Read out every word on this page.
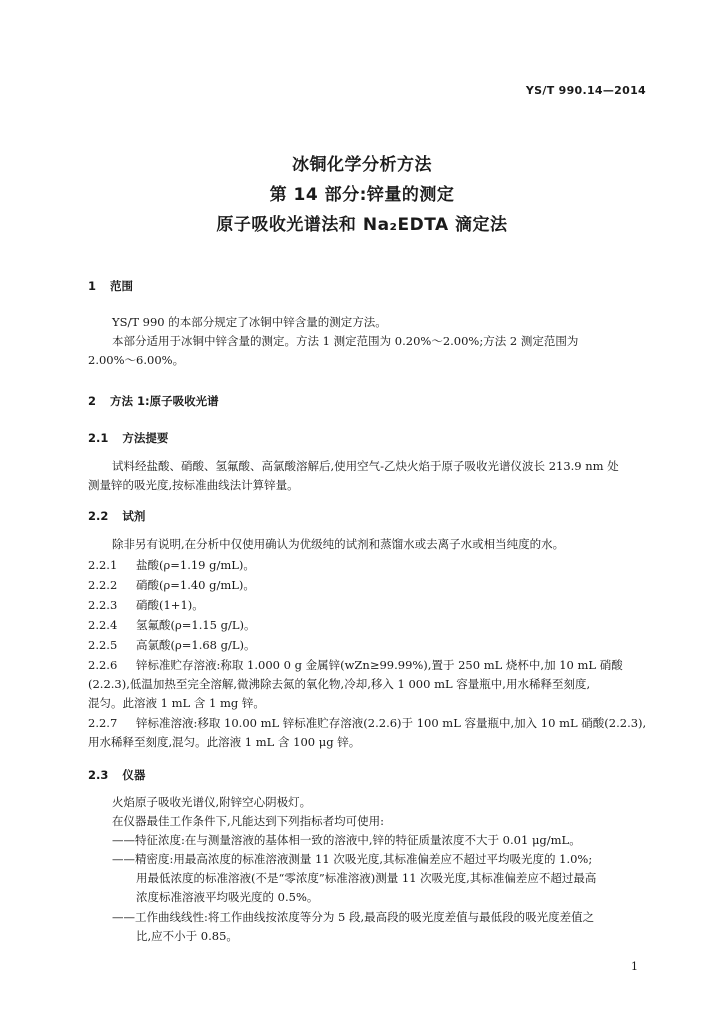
YS/T 990.14—2014
冰铜化学分析方法
第 14 部分:锌量的测定
原子吸收光谱法和 Na₂EDTA 滴定法
1 范围
YS/T 990 的本部分规定了冰铜中锌含量的测定方法。
本部分适用于冰铜中锌含量的测定。方法 1 测定范围为 0.20%～2.00%;方法 2 测定范围为
2.00%～6.00%。
2 方法 1:原子吸收光谱
2.1 方法提要
试料经盐酸、硝酸、氢氟酸、高氯酸溶解后,使用空气-乙炔火焰于原子吸收光谱仪波长 213.9 nm 处
测量锌的吸光度,按标准曲线法计算锌量。
2.2 试剂
除非另有说明,在分析中仅使用确认为优级纯的试剂和蒸馏水或去离子水或相当纯度的水。
2.2.1 盐酸(ρ=1.19 g/mL)。
2.2.2 硝酸(ρ=1.40 g/mL)。
2.2.3 硝酸(1+1)。
2.2.4 氢氟酸(ρ=1.15 g/L)。
2.2.5 高氯酸(ρ=1.68 g/L)。
2.2.6 锌标准贮存溶液:称取 1.000 0 g 金属锌(wZn≥99.99%),置于 250 mL 烧杯中,加 10 mL 硝酸
(2.2.3),低温加热至完全溶解,微沸除去氮的氧化物,冷却,移入 1 000 mL 容量瓶中,用水稀释至刻度,
混匀。此溶液 1 mL 含 1 mg 锌。
2.2.7 锌标准溶液:移取 10.00 mL 锌标准贮存溶液(2.2.6)于 100 mL 容量瓶中,加入 10 mL 硝酸(2.2.3),
用水稀释至刻度,混匀。此溶液 1 mL 含 100 μg 锌。
2.3 仪器
火焰原子吸收光谱仪,附锌空心阴极灯。
在仪器最佳工作条件下,凡能达到下列指标者均可使用:
——特征浓度:在与测量溶液的基体相一致的溶液中,锌的特征质量浓度不大于 0.01 μg/mL。
——精密度:用最高浓度的标准溶液测量 11 次吸光度,其标准偏差应不超过平均吸光度的 1.0%;
用最低浓度的标准溶液(不是“零浓度”标准溶液)测量 11 次吸光度,其标准偏差应不超过最高
浓度标准溶液平均吸光度的 0.5%。
——工作曲线线性:将工作曲线按浓度等分为 5 段,最高段的吸光度差值与最低段的吸光度差值之
比,应不小于 0.85。
1
